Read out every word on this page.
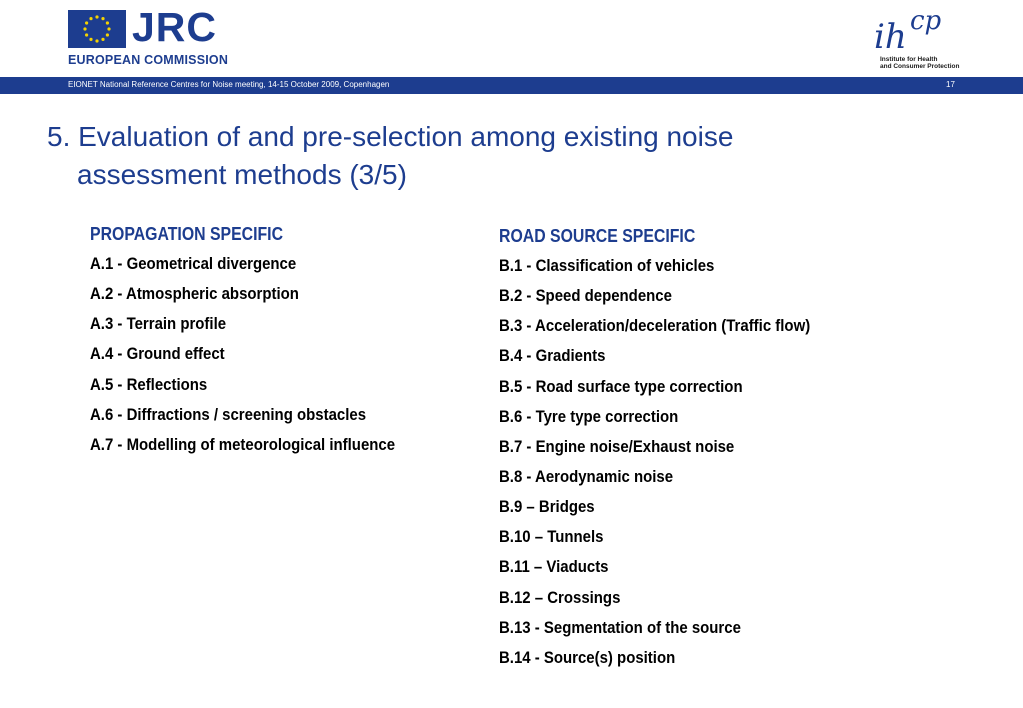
JRC
EUROPEAN COMMISSION
ih cp
Institute for Health
and Consumer Protection
EIONET National Reference Centres for Noise meeting, 14-15 October 2009, Copenhagen	17
5. Evaluation of and pre-selection among existing noise
assessment methods (3/5)
PROPAGATION SPECIFIC
A.1 - Geometrical divergence
A.2 - Atmospheric absorption
A.3 - Terrain profile
A.4 - Ground effect
A.5 - Reflections
A.6 - Diffractions / screening obstacles
A.7 - Modelling of meteorological influence
ROAD SOURCE SPECIFIC
B.1 - Classification of vehicles
B.2 - Speed dependence
B.3 - Acceleration/deceleration (Traffic flow)
B.4 - Gradients
B.5 - Road surface type correction
B.6 - Tyre type correction
B.7 - Engine noise/Exhaust noise
B.8 - Aerodynamic noise
B.9 – Bridges
B.10 – Tunnels
B.11 – Viaducts
B.12 – Crossings
B.13 - Segmentation of the source
B.14 - Source(s) position
